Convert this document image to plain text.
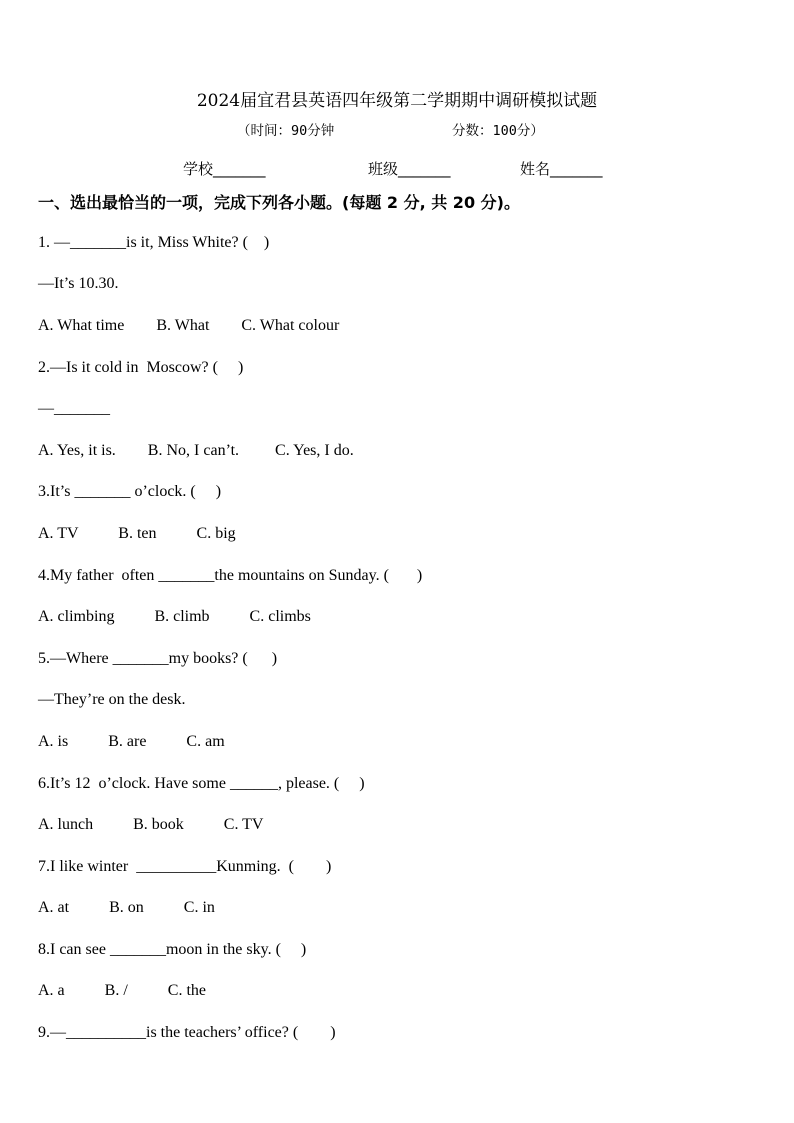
2024届宜君县英语四年级第二学期期中调研模拟试题
（时间：90分钟	分数：100分）
学校_______	班级_______	姓名_______
一、选出最恰当的一项，完成下列各小题。(每题 2 分, 共 20 分)。
1. —_______is it, Miss White? (    )
—It’s 10.30.
A. What time        B. What        C. What colour
2.—Is it cold in  Moscow? (     )
—_______
A. Yes, it is.        B. No, I can’t.         C. Yes, I do.
3.It’s _______ o’clock. (     )
A. TV          B. ten          C. big
4.My father  often _______the mountains on Sunday. (       )
A. climbing          B. climb          C. climbs
5.—Where _______my books? (      )
—They’re on the desk.
A. is          B. are          C. am
6.It’s 12  o’clock. Have some ______, please. (     )
A. lunch          B. book          C. TV
7.I like winter  __________Kunming.  (        )
A. at          B. on          C. in
8.I can see _______moon in the sky. (     )
A. a          B. /          C. the
9.—__________is the teachers’ office? (        )
